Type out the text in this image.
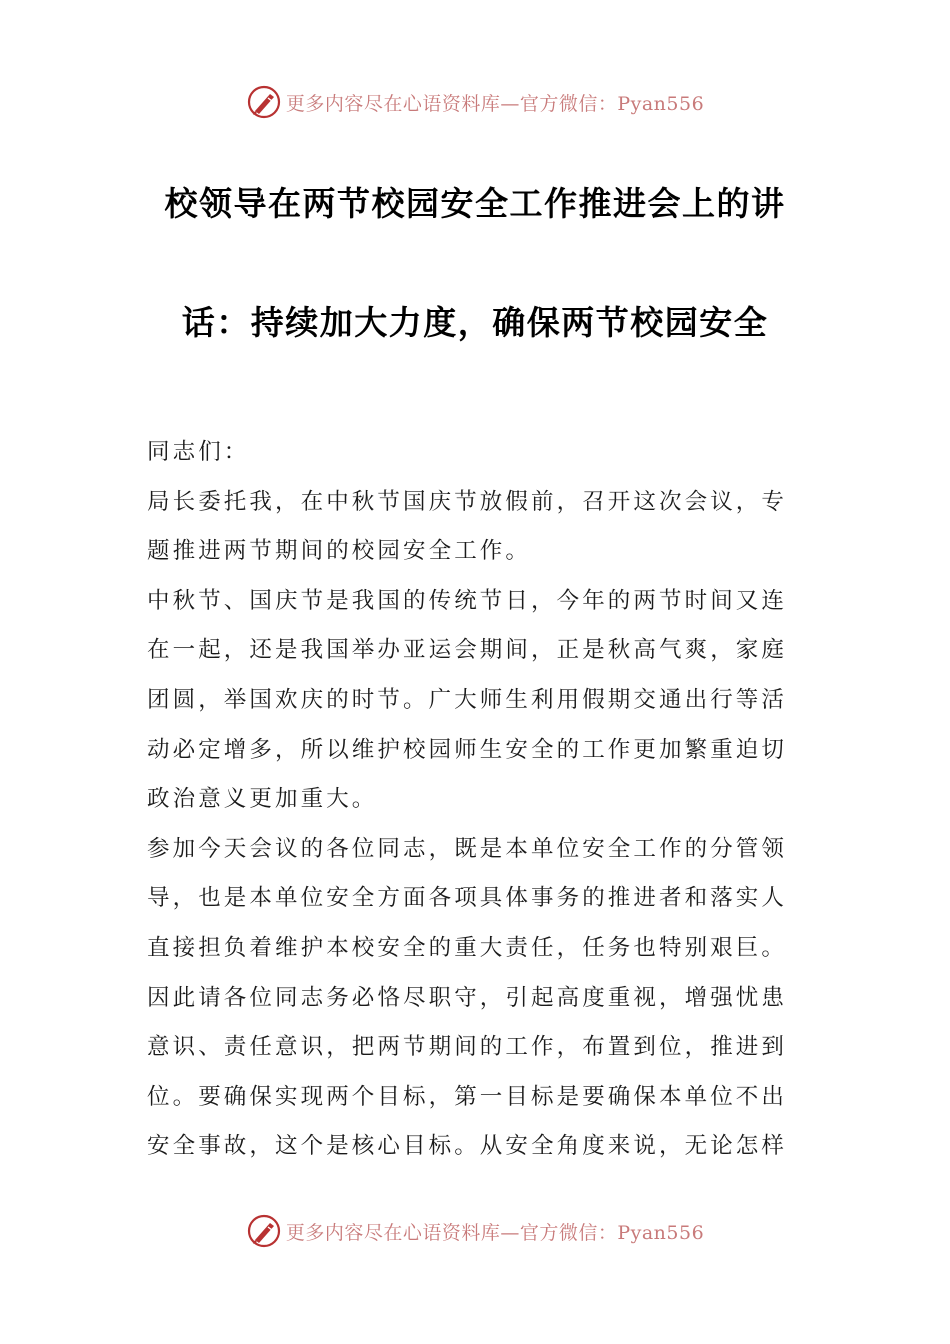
更多内容尽在心语资料库—官方微信：Pyan556
校领导在两节校园安全工作推进会上的讲
话：持续加大力度，确保两节校园安全

同志们：

局长委托我，在中秋节国庆节放假前，召开这次会议，专题推进两节期间的校园安全工作。

中秋节、国庆节是我国的传统节日，今年的两节时间又连在一起，还是我国举办亚运会期间，正是秋高气爽，家庭团圆，举国欢庆的时节。广大师生利用假期交通出行等活动必定增多，所以维护校园师生安全的工作更加繁重迫切政治意义更加重大。

参加今天会议的各位同志，既是本单位安全工作的分管领导，也是本单位安全方面各项具体事务的推进者和落实人直接担负着维护本校安全的重大责任，任务也特别艰巨。因此请各位同志务必恪尽职守，引起高度重视，增强忧患意识、责任意识，把两节期间的工作，布置到位，推进到位。要确保实现两个目标，第一目标是要确保本单位不出安全事故，这个是核心目标。从安全角度来说，无论怎样

更多内容尽在心语资料库—官方微信：Pyan556
